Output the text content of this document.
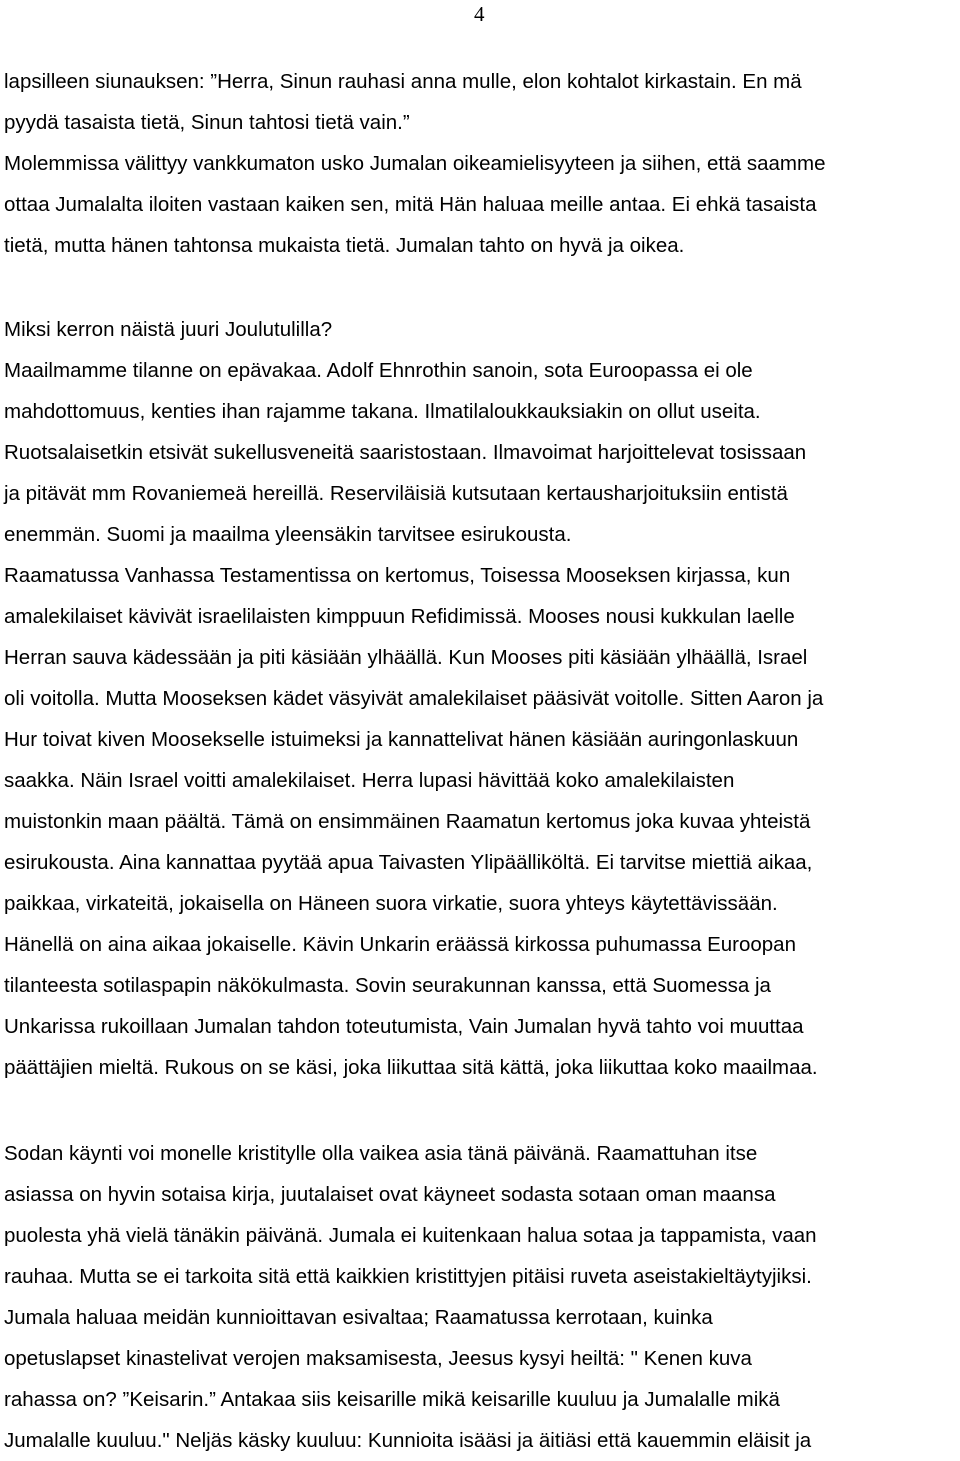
4
lapsilleen siunauksen: ”Herra, Sinun rauhasi anna mulle, elon kohtalot kirkastain. En mä
pyydä tasaista tietä, Sinun tahtosi tietä vain.”
Molemmissa välittyy vankkumaton usko Jumalan oikeamielisyyteen ja siihen, että saamme
ottaa Jumalalta iloiten vastaan kaiken sen, mitä Hän haluaa meille antaa. Ei ehkä tasaista
tietä, mutta hänen tahtonsa mukaista tietä. Jumalan tahto on hyvä ja oikea.
Miksi kerron näistä juuri Joulutulilla?
Maailmamme tilanne on epävakaa. Adolf Ehnrothin sanoin, sota Euroopassa ei ole
mahdottomuus, kenties ihan rajamme takana. Ilmatilaloukkauksiakin on ollut useita.
Ruotsalaisetkin etsivät sukellusveneitä saaristostaan. Ilmavoimat harjoittelevat tosissaan
ja pitävät mm Rovaniemeä hereillä. Reserviläisiä kutsutaan kertausharjoituksiin entistä
enemmän. Suomi ja maailma yleensäkin tarvitsee esirukousta.
Raamatussa Vanhassa Testamentissa on kertomus, Toisessa Mooseksen kirjassa, kun
amalekilaiset kävivät israelilaisten kimppuun Refidimissä. Mooses nousi kukkulan laelle
Herran sauva kädessään ja piti käsiään ylhäällä. Kun Mooses piti käsiään ylhäällä, Israel
oli voitolla. Mutta Mooseksen kädet väsyivät amalekilaiset pääsivät voitolle. Sitten Aaron ja
Hur toivat kiven Moosekselle istuimeksi ja kannattelivat hänen käsiään auringonlaskuun
saakka. Näin Israel voitti amalekilaiset. Herra lupasi hävittää koko amalekilaisten
muistonkin maan päältä. Tämä on ensimmäinen Raamatun kertomus joka kuvaa yhteistä
esirukousta. Aina kannattaa pyytää apua Taivasten Ylipäälliköltä. Ei tarvitse miettiä aikaa,
paikkaa, virkateitä, jokaisella on Häneen suora virkatie, suora yhteys käytettävissään.
Hänellä on aina aikaa jokaiselle. Kävin Unkarin eräässä kirkossa puhumassa Euroopan
tilanteesta sotilaspapin näkökulmasta. Sovin seurakunnan kanssa, että Suomessa ja
Unkarissa rukoillaan Jumalan tahdon toteutumista, Vain Jumalan hyvä tahto voi muuttaa
päättäjien mieltä. Rukous on se käsi, joka liikuttaa sitä kättä, joka liikuttaa koko maailmaa.
Sodan käynti voi monelle kristitylle olla vaikea asia tänä päivänä. Raamattuhan itse
asiassa on hyvin sotaisa kirja, juutalaiset ovat käyneet sodasta sotaan oman maansa
puolesta yhä vielä tänäkin päivänä. Jumala ei kuitenkaan halua sotaa ja tappamista, vaan
rauhaa. Mutta se ei tarkoita sitä että kaikkien kristittyjen pitäisi ruveta aseistakieltäytyjiksi.
Jumala haluaa meidän kunnioittavan esivaltaa; Raamatussa kerrotaan, kuinka
opetuslapset kinastelivat verojen maksamisesta, Jeesus kysyi heiltä: " Kenen kuva
rahassa on? ”Keisarin.” Antakaa siis keisarille mikä keisarille kuuluu ja Jumalalle mikä
Jumalalle kuuluu." Neljäs käsky kuuluu: Kunnioita isääsi ja äitiäsi että kauemmin eläisit ja
